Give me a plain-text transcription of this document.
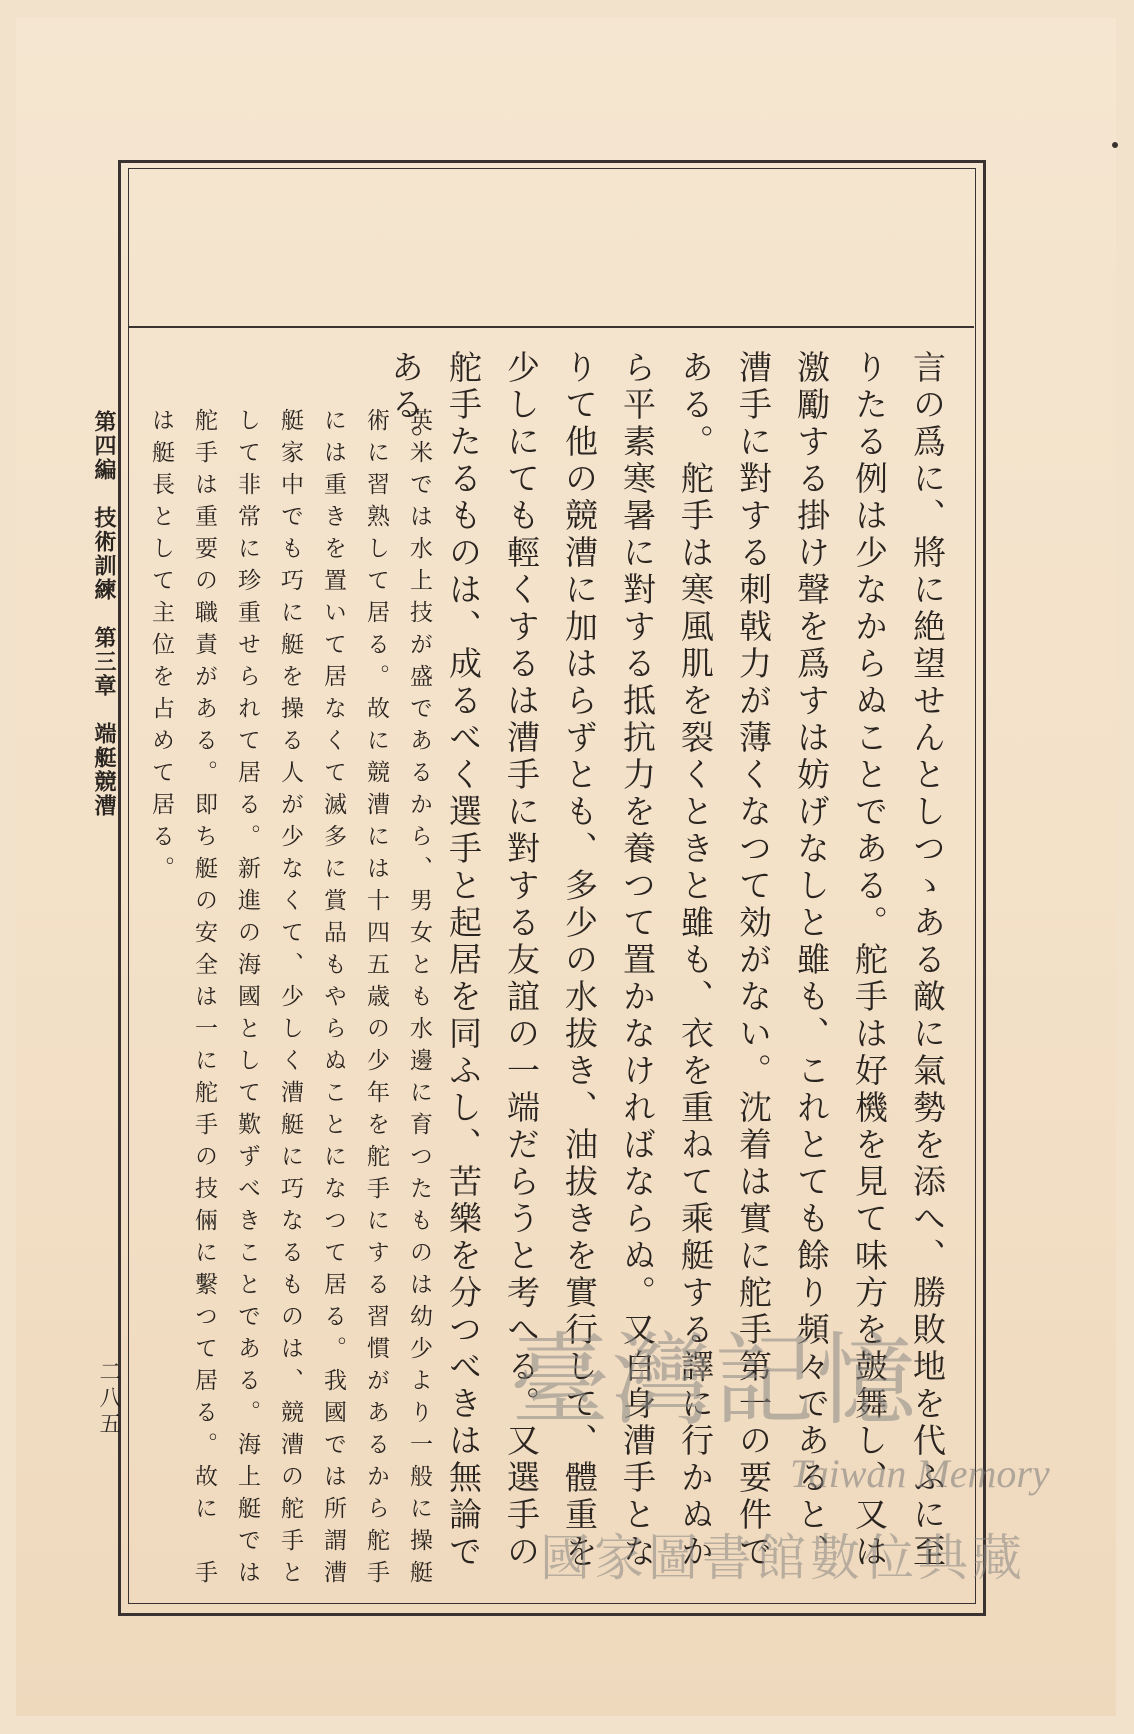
言の爲に、將に絶望せんとしつゝある敵に氣勢を添へ、勝敗地を代ふに至りたる例は少なからぬことである。舵手は好機を見て味方を皷舞し、又は激勵する掛け聲を爲すは妨げなしと雖も、これとても餘り頻々であると、漕手に對する刺戟力が薄くなつて効がない。沈着は實に舵手第一の要件である。舵手は寒風肌を裂くときと雖も、衣を重ねて乘艇する譯に行かぬから平素寒暑に對する抵抗力を養つて置かなければならぬ。又自身漕手となりて他の競漕に加はらずとも、多少の水拔き、油拔きを實行して、體重を少しにても輕くするは漕手に對する友誼の一端だらうと考へる。又選手の舵手たるものは、成るべく選手と起居を同ふし、苦樂を分つべきは無論である。
英米では水上技が盛であるから、男女とも水邊に育つたものは幼少より一般に操艇術に習熟して居る。故に競漕には十四五歳の少年を舵手にする習慣があるから舵手には重きを置いて居なくて滅多に賞品もやらぬことになつて居る。我國では所謂漕艇家中でも巧に艇を操る人が少なくて、少しく漕艇に巧なるものは、競漕の舵手として非常に珍重せられて居る。新進の海國として歎ずべきことである。海上艇では舵手は重要の職責がある。即ち艇の安全は一に舵手の技倆に繫つて居る。故に　手は艇長として主位を占めて居る。
第四編　技術訓練　第三章　端艇競漕
二八五	臺灣記憶
Taiwan Memory
國家圖書館數位典藏
